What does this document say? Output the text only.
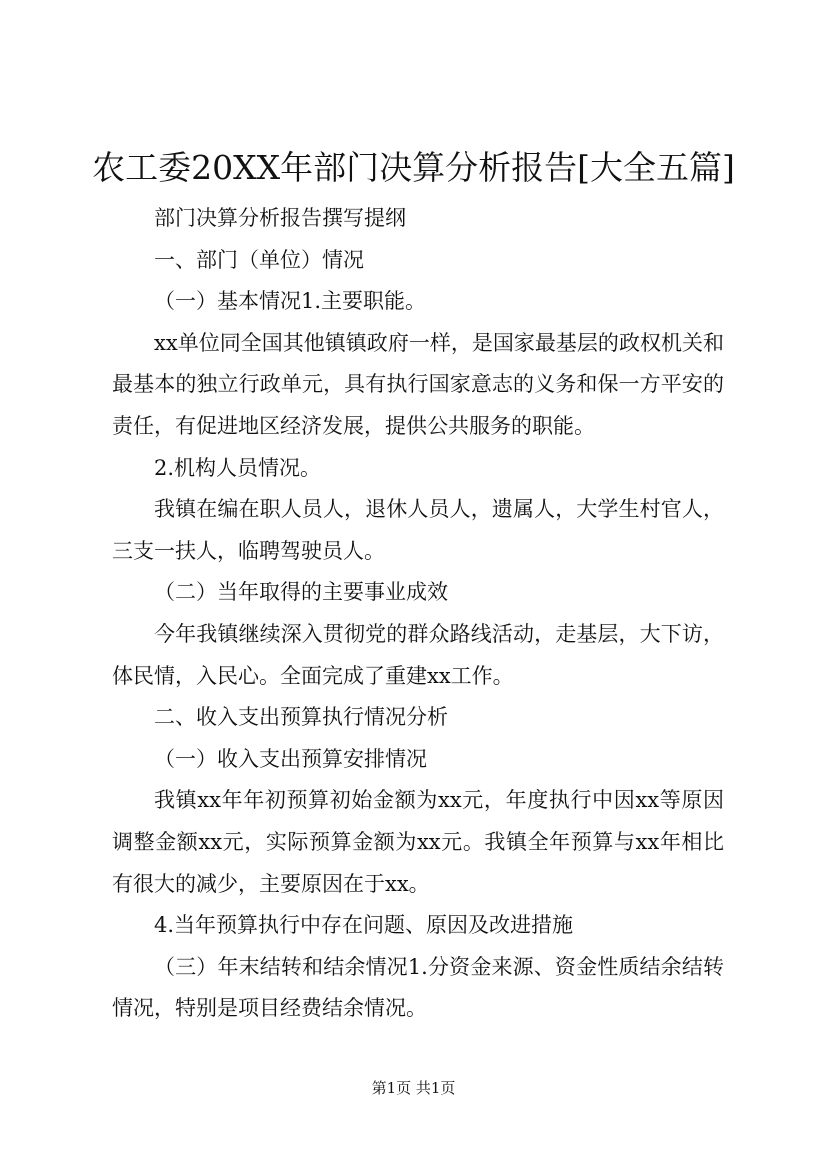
农工委20XX年部门决算分析报告[大全五篇]

部门决算分析报告撰写提纲

一、部门（单位）情况

（一）基本情况1.主要职能。

xx单位同全国其他镇镇政府一样，是国家最基层的政权机关和最基本的独立行政单元，具有执行国家意志的义务和保一方平安的责任，有促进地区经济发展，提供公共服务的职能。

2.机构人员情况。

我镇在编在职人员人，退休人员人，遗属人，大学生村官人，三支一扶人，临聘驾驶员人。

（二）当年取得的主要事业成效

今年我镇继续深入贯彻党的群众路线活动，走基层，大下访，体民情，入民心。全面完成了重建xx工作。

二、收入支出预算执行情况分析

（一）收入支出预算安排情况

我镇xx年年初预算初始金额为xx元，年度执行中因xx等原因调整金额xx元，实际预算金额为xx元。我镇全年预算与xx年相比有很大的减少，主要原因在于xx。

4.当年预算执行中存在问题、原因及改进措施

（三）年末结转和结余情况1.分资金来源、资金性质结余结转情况，特别是项目经费结余情况。

第1页 共1页
